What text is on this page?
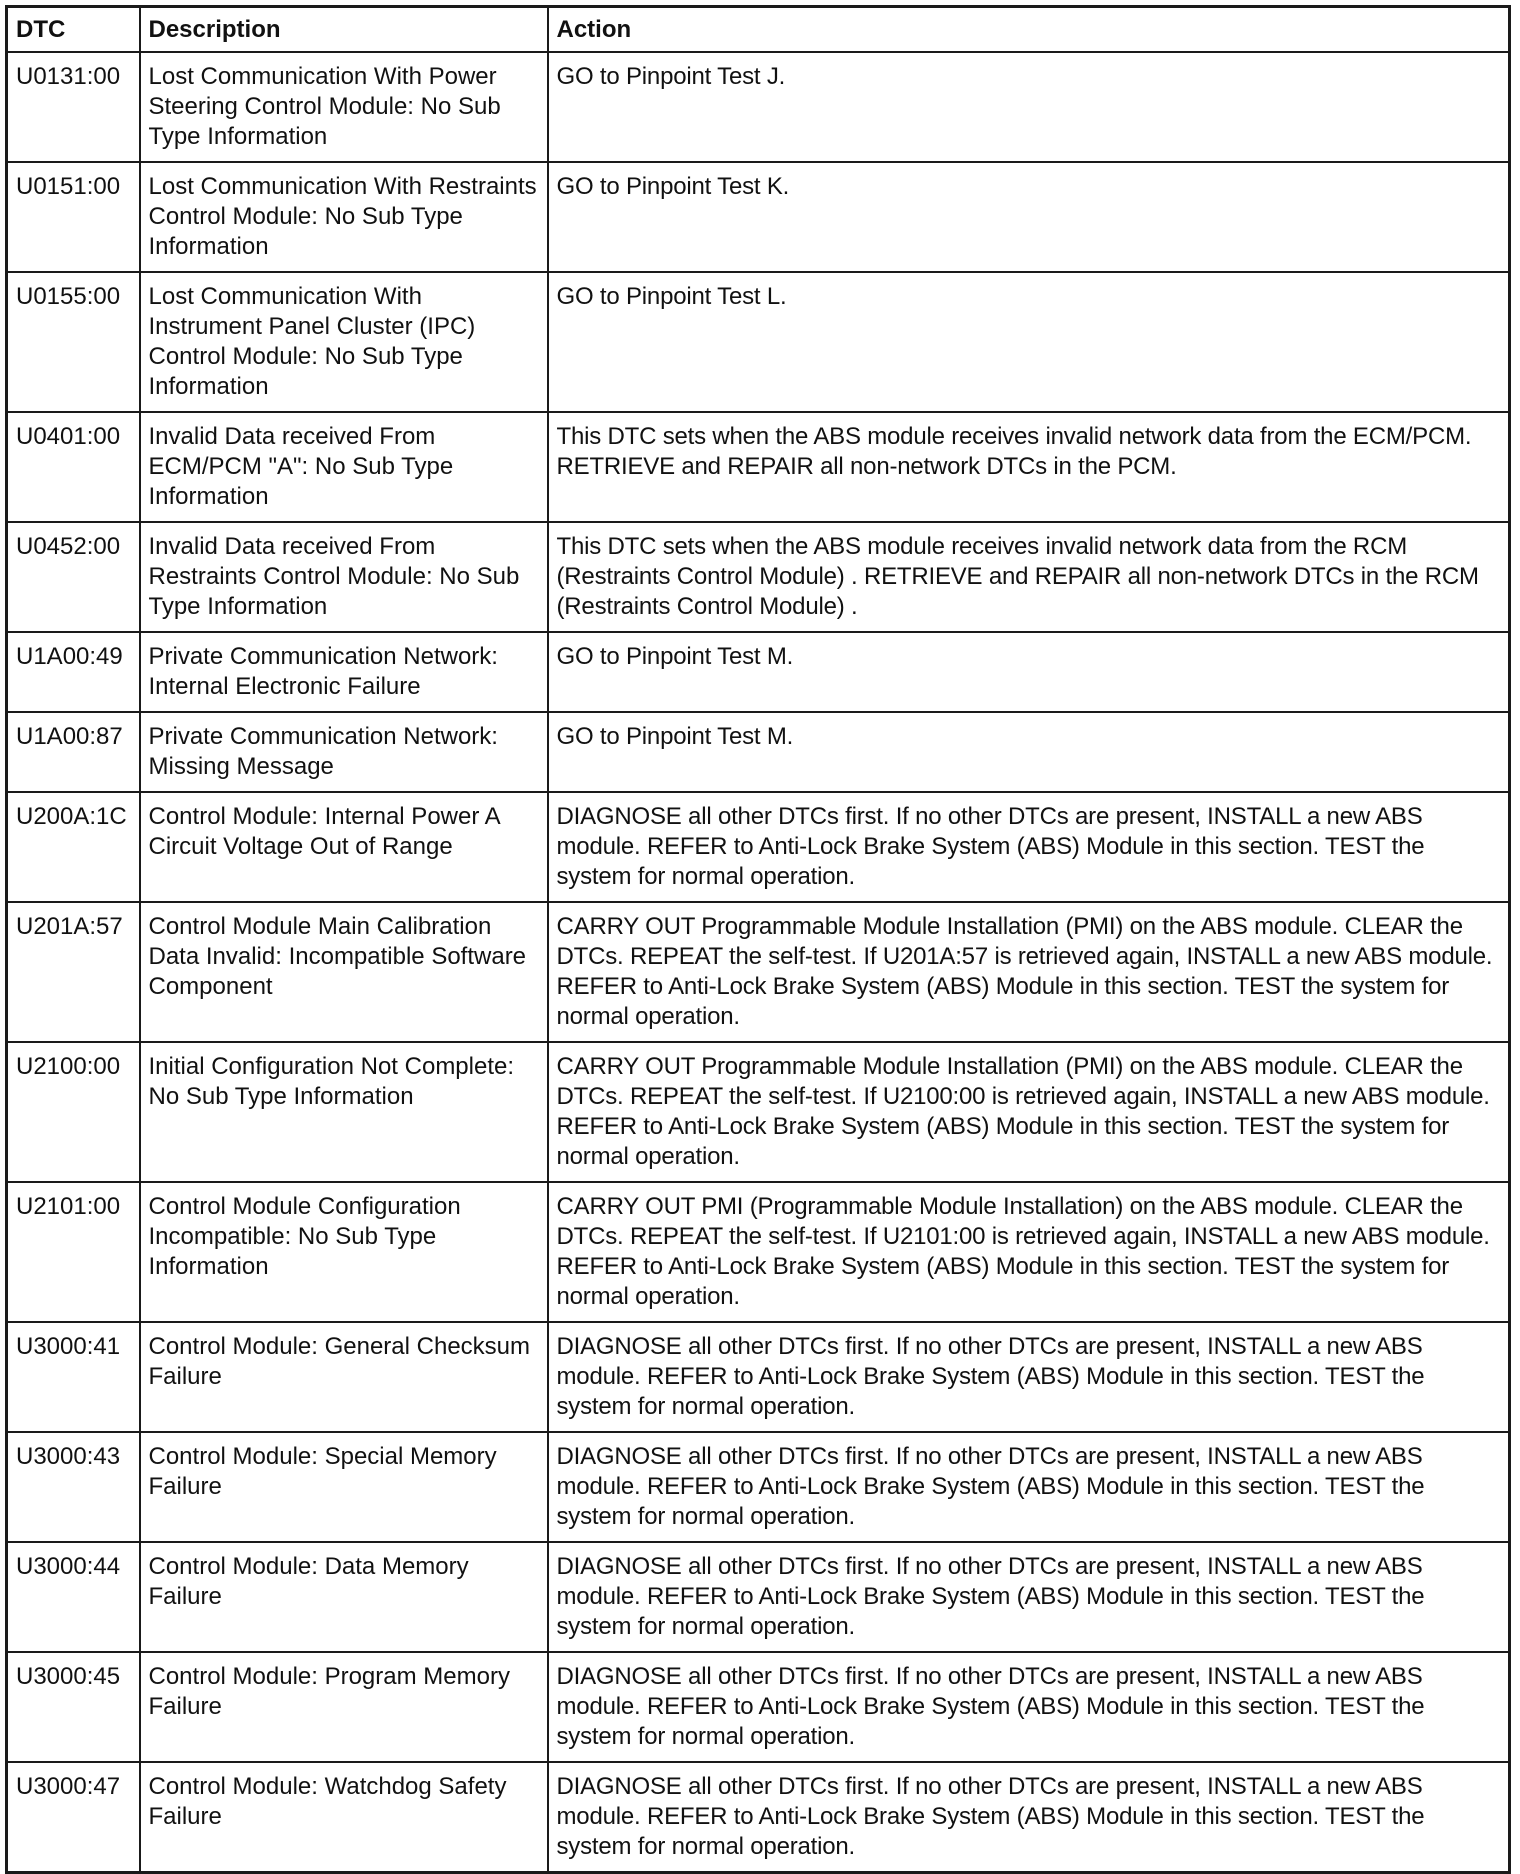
DTC	Description	Action
U0131:00	Lost Communication With Power Steering Control Module: No Sub Type Information	GO to Pinpoint Test J.
U0151:00	Lost Communication With Restraints Control Module: No Sub Type Information	GO to Pinpoint Test K.
U0155:00	Lost Communication With Instrument Panel Cluster (IPC) Control Module: No Sub Type Information	GO to Pinpoint Test L.
U0401:00	Invalid Data received From ECM/PCM "A": No Sub Type Information	This DTC sets when the ABS module receives invalid network data from the ECM/PCM. RETRIEVE and REPAIR all non-network DTCs in the PCM.
U0452:00	Invalid Data received From Restraints Control Module: No Sub Type Information	This DTC sets when the ABS module receives invalid network data from the RCM (Restraints Control Module) . RETRIEVE and REPAIR all non-network DTCs in the RCM (Restraints Control Module) .
U1A00:49	Private Communication Network: Internal Electronic Failure	GO to Pinpoint Test M.
U1A00:87	Private Communication Network: Missing Message	GO to Pinpoint Test M.
U200A:1C	Control Module: Internal Power A Circuit Voltage Out of Range	DIAGNOSE all other DTCs first. If no other DTCs are present, INSTALL a new ABS module. REFER to Anti-Lock Brake System (ABS) Module in this section. TEST the system for normal operation.
U201A:57	Control Module Main Calibration Data Invalid: Incompatible Software Component	CARRY OUT Programmable Module Installation (PMI) on the ABS module. CLEAR the DTCs. REPEAT the self-test. If U201A:57 is retrieved again, INSTALL a new ABS module. REFER to Anti-Lock Brake System (ABS) Module in this section. TEST the system for normal operation.
U2100:00	Initial Configuration Not Complete: No Sub Type Information	CARRY OUT Programmable Module Installation (PMI) on the ABS module. CLEAR the DTCs. REPEAT the self-test. If U2100:00 is retrieved again, INSTALL a new ABS module. REFER to Anti-Lock Brake System (ABS) Module in this section. TEST the system for normal operation.
U2101:00	Control Module Configuration Incompatible: No Sub Type Information	CARRY OUT PMI (Programmable Module Installation) on the ABS module. CLEAR the DTCs. REPEAT the self-test. If U2101:00 is retrieved again, INSTALL a new ABS module. REFER to Anti-Lock Brake System (ABS) Module in this section. TEST the system for normal operation.
U3000:41	Control Module: General Checksum Failure	DIAGNOSE all other DTCs first. If no other DTCs are present, INSTALL a new ABS module. REFER to Anti-Lock Brake System (ABS) Module in this section. TEST the system for normal operation.
U3000:43	Control Module: Special Memory Failure	DIAGNOSE all other DTCs first. If no other DTCs are present, INSTALL a new ABS module. REFER to Anti-Lock Brake System (ABS) Module in this section. TEST the system for normal operation.
U3000:44	Control Module: Data Memory Failure	DIAGNOSE all other DTCs first. If no other DTCs are present, INSTALL a new ABS module. REFER to Anti-Lock Brake System (ABS) Module in this section. TEST the system for normal operation.
U3000:45	Control Module: Program Memory Failure	DIAGNOSE all other DTCs first. If no other DTCs are present, INSTALL a new ABS module. REFER to Anti-Lock Brake System (ABS) Module in this section. TEST the system for normal operation.
U3000:47	Control Module: Watchdog Safety Failure	DIAGNOSE all other DTCs first. If no other DTCs are present, INSTALL a new ABS module. REFER to Anti-Lock Brake System (ABS) Module in this section. TEST the system for normal operation.
